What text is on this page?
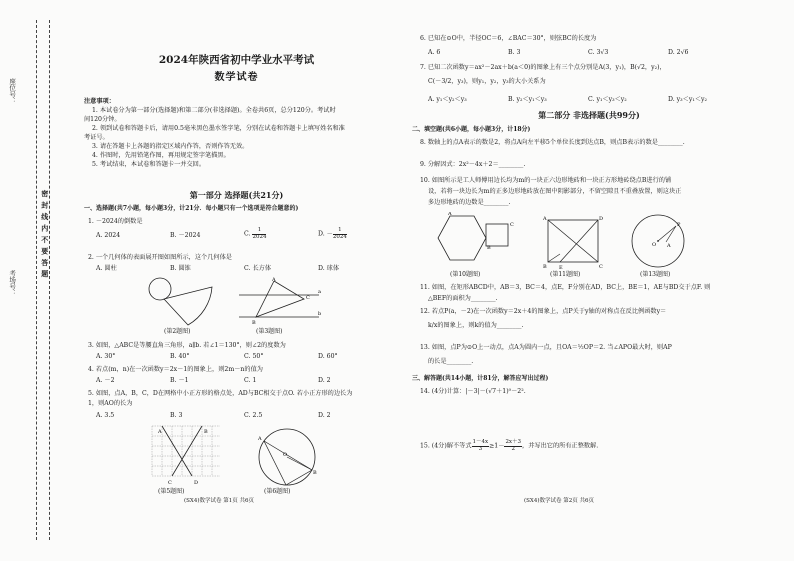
座位号：
密 封 线 内 不 要 答 题
考场号：
2024年陕西省初中学业水平考试
数学试卷
注意事项：
1. 本试卷分为第一部分(选择题)和第二部分(非选择题)。全卷共6页，总分120分。考试时
间120分钟。
2. 领到试卷和答题卡后，请用0.5毫米黑色墨水签字笔，分别在试卷和答题卡上填写姓名和准
考证号。
3. 请在答题卡上各题的指定区域内作答，否则作答无效。
4. 作图时，先用铅笔作图，再用规定签字笔描黑。
5. 考试结束，本试卷和答题卡一并交回。
第一部分 选择题(共21分)
一、选择题(共7小题，每小题3分，计21分．每小题只有一个选项是符合题意的)
1. －2024的倒数是
A. 2024	B. －2024	C. $\frac{1}{2024}$	D. － $\frac{1}{2024}$
2. 一个几何体的表面展开图如图所示，这个几何体是
A. 圆柱	B. 圆锥	C. 长方体	D. 球体
(第2题图)
A
C
B
a
b
(第3题图)
3. 如图，△ABC是等腰直角三角形，a∥b. 若∠1＝130°，则∠2的度数为
A. 30°	B. 40°	C. 50°	D. 60°
4. 若点(m，n)在一次函数y＝2x－1的图象上，则2m－n的值为
A. －2	B. －1	C. 1	D. 2
5. 如图，点A，B，C，D在网格中小正方形的格点处，AD与BC相交于点O. 若小正方形的边长为
1，则AO的长为
A. 3.5	B. 3	C. 2.5	D. 2
A	B
C	D
(第5题图)
A
B
O
(第6题图)
(SX4)数学试卷 第1页 共6页
6. 已知在⊙O中，半径OC＝6，∠BAC＝30°，则弦BC的长度为
A. 6	B. 3	C. 3√3	D. 2√6
7. 已知二次函数y＝ax²－2ax＋b(a＜0)的图象上有三个点分别是A(3，y₁)，B(√2，y₂)，
C(－3/2，y₃)，则y₁，y₂，y₃的大小关系为
A. y₁＜y₂＜y₃	B. y₂＜y₁＜y₃	C. y₁＜y₃＜y₂	D. y₃＜y₁＜y₂
第二部分 非选择题(共99分)
二、填空题(共6小题，每小题3分，计18分)
8. 数轴上的点A表示的数是2，将点A向左平移5个单位长度到达点B，则点B表示的数是________.
9. 分解因式：2x²－4x＋2＝________.
10. 如图所示是工人师傅用边长均为m的一块正六边形地砖和一块正方形地砖绕点B进行的铺
设，若将一块边长为m的正多边形地砖放在图中阴影部分，不留空隙且不重叠放置，则这块正
多边形地砖的边数是________.
A
C
B
(第10题图)
A	D
B E	C
(第11题图)
O
P
A
(第13题图)
11. 如图，在矩形ABCD中，AB＝3，BC＝4，点E，F分别在AD，BC上，BE＝1，AE与BD交于点F. 则
△BEF的面积为________.
12. 若点P(a，－2)在一次函数y＝2x＋4的图象上，点P关于y轴的对称点在反比例函数y＝
k/x的图象上，则k的值为________.
13. 如图，点P为⊙O上一动点，点A为圆内一点，且OA＝½OP＝2. 当∠APO最大时，则AP
的长是________.
三、解答题(共14小题，计81分，解答应写出过程)
14. (4分)计算：|－3|－(√7＋1)⁰－2².
15. (4分)解不等式 $\frac{1-4x}{3} \ge 1- \frac{2x+3}{2}$ ，并写出它的所有正整数解.
(SX4)数学试卷 第2页 共6页
